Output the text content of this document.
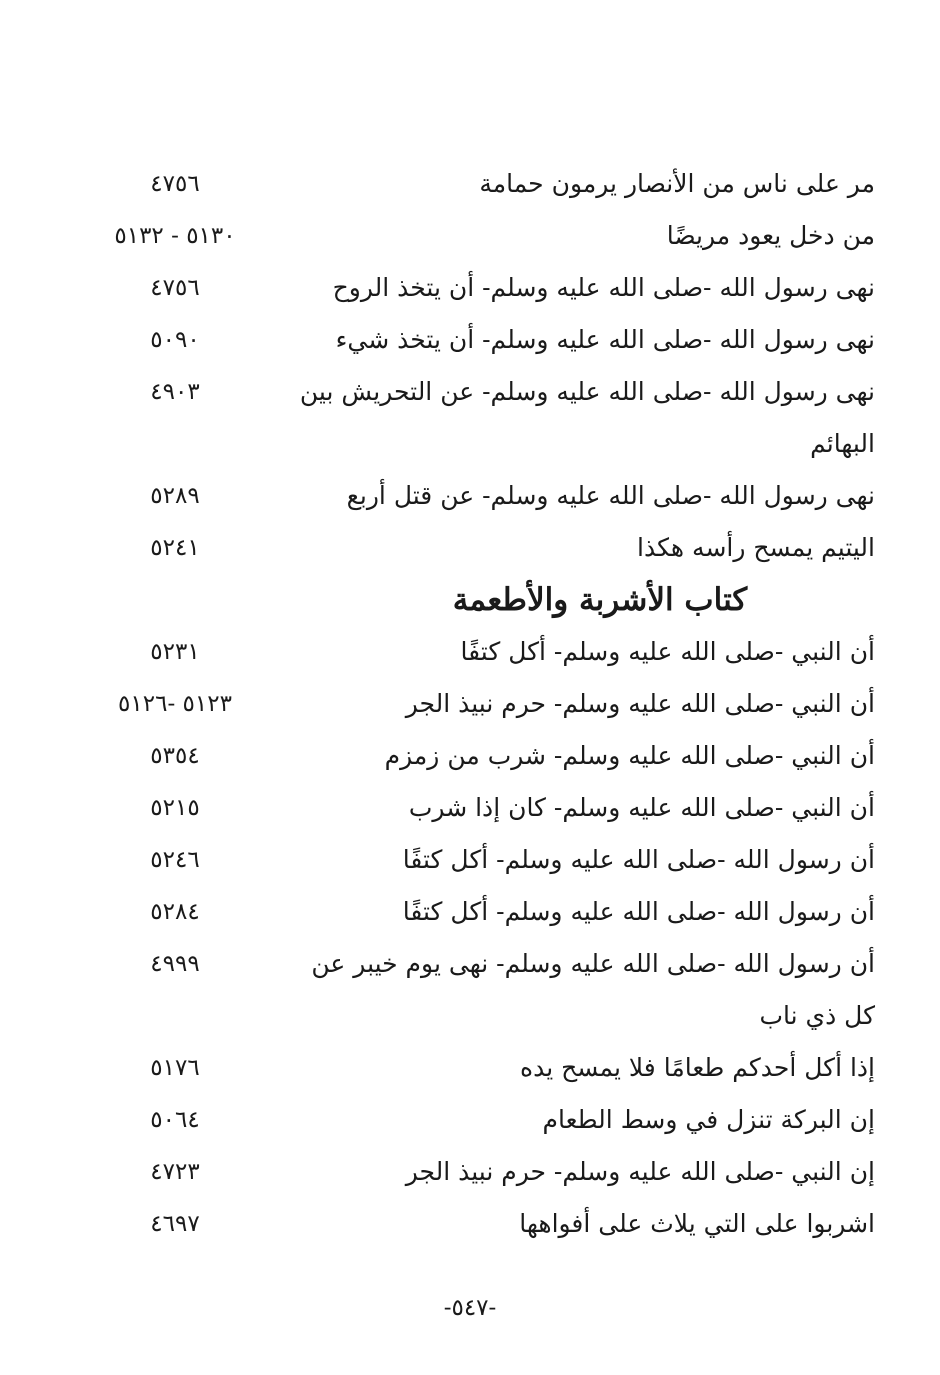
مر على ناس من الأنصار يرمون حمامة
٤٧٥٦
من دخل يعود مريضًا
٥١٣٠ - ٥١٣٢
نهى رسول الله -صلى الله عليه وسلم- أن يتخذ الروح
٤٧٥٦
نهى رسول الله -صلى الله عليه وسلم- أن يتخذ شيء
٥٠٩٠
نهى رسول الله -صلى الله عليه وسلم- عن التحريش بين
٤٩٠٣
البهائم
نهى رسول الله -صلى الله عليه وسلم- عن قتل أربع
٥٢٨٩
اليتيم يمسح رأسه هكذا
٥٢٤١
كتاب الأشربة والأطعمة
أن النبي -صلى الله عليه وسلم- أكل كتفًا
٥٢٣١
أن النبي -صلى الله عليه وسلم- حرم نبيذ الجر
٥١٢٣ -٥١٢٦
أن النبي -صلى الله عليه وسلم- شرب من زمزم
٥٣٥٤
أن النبي -صلى الله عليه وسلم- كان إذا شرب
٥٢١٥
أن رسول الله -صلى الله عليه وسلم- أكل كتفًا
٥٢٤٦
أن رسول الله -صلى الله عليه وسلم- أكل كتفًا
٥٢٨٤
أن رسول الله -صلى الله عليه وسلم- نهى يوم خيبر عن
٤٩٩٩
كل ذي ناب
إذا أكل أحدكم طعامًا فلا يمسح يده
٥١٧٦
إن البركة تنزل في وسط الطعام
٥٠٦٤
إن النبي -صلى الله عليه وسلم- حرم نبيذ الجر
٤٧٢٣
اشربوا على التي يلاث على أفواهها
٤٦٩٧
-٥٤٧-
